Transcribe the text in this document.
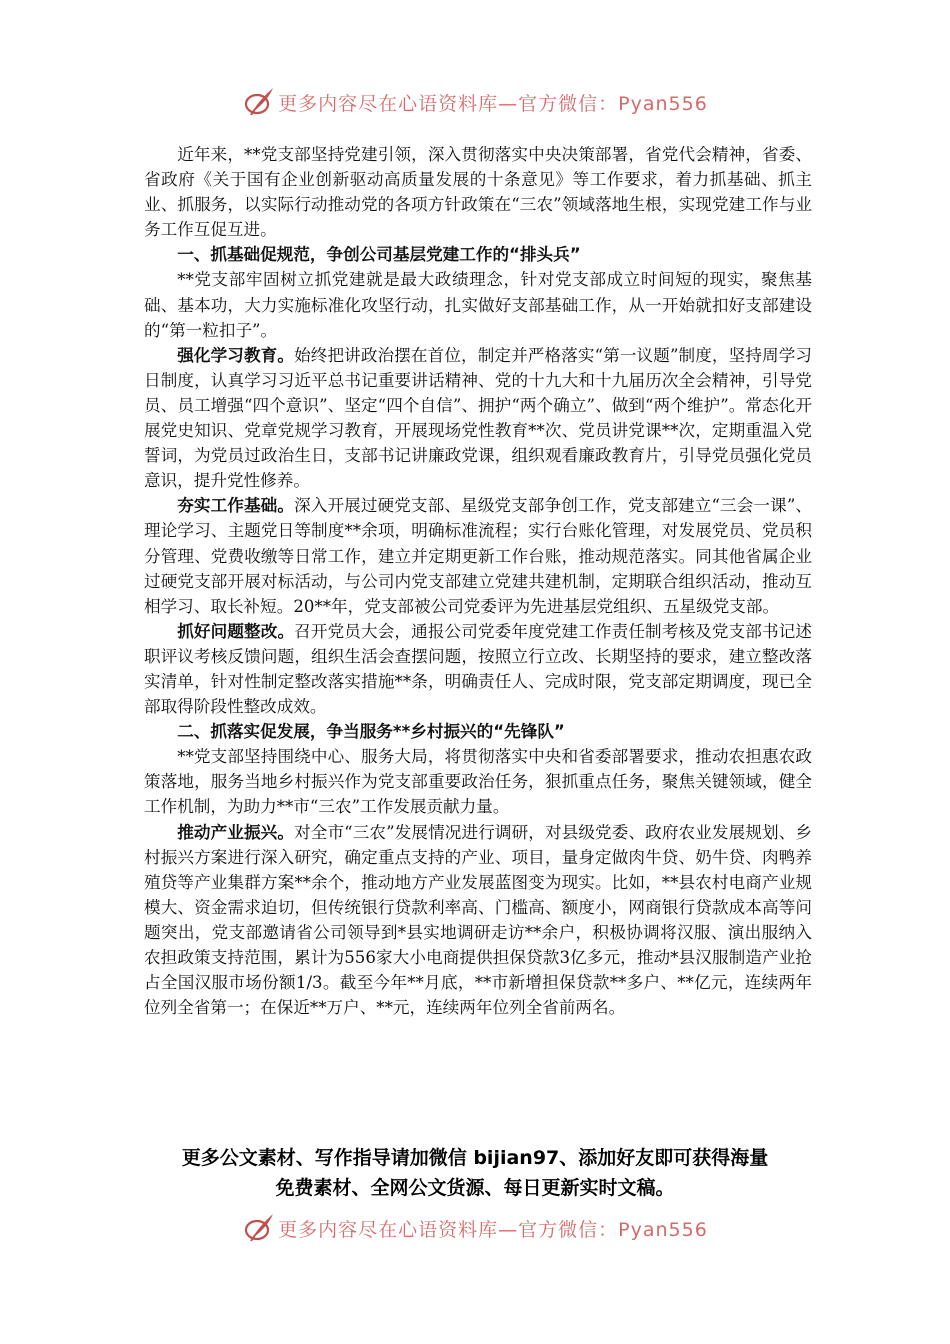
更多内容尽在心语资料库—官方微信：Pyan556

近年来，**党支部坚持党建引领，深入贯彻落实中央决策部署，省党代会精神，省委、省政府《关于国有企业创新驱动高质量发展的十条意见》等工作要求，着力抓基础、抓主业、抓服务，以实际行动推动党的各项方针政策在“三农”领域落地生根，实现党建工作与业务工作互促互进。

一、抓基础促规范，争创公司基层党建工作的“排头兵”

**党支部牢固树立抓党建就是最大政绩理念，针对党支部成立时间短的现实，聚焦基础、基本功，大力实施标准化攻坚行动，扎实做好支部基础工作，从一开始就扣好支部建设的“第一粒扣子”。

强化学习教育。始终把讲政治摆在首位，制定并严格落实“第一议题”制度，坚持周学习日制度，认真学习习近平总书记重要讲话精神、党的十九大和十九届历次全会精神，引导党员、员工增强“四个意识”、坚定“四个自信”、拥护“两个确立”、做到“两个维护”。常态化开展党史知识、党章党规学习教育，开展现场党性教育**次、党员讲党课**次，定期重温入党誓词，为党员过政治生日，支部书记讲廉政党课，组织观看廉政教育片，引导党员强化党员意识，提升党性修养。

夯实工作基础。深入开展过硬党支部、星级党支部争创工作，党支部建立“三会一课”、理论学习、主题党日等制度**余项，明确标准流程；实行台账化管理，对发展党员、党员积分管理、党费收缴等日常工作，建立并定期更新工作台账，推动规范落实。同其他省属企业过硬党支部开展对标活动，与公司内党支部建立党建共建机制，定期联合组织活动，推动互相学习、取长补短。20**年，党支部被公司党委评为先进基层党组织、五星级党支部。

抓好问题整改。召开党员大会，通报公司党委年度党建工作责任制考核及党支部书记述职评议考核反馈问题，组织生活会查摆问题，按照立行立改、长期坚持的要求，建立整改落实清单，针对性制定整改落实措施**条，明确责任人、完成时限，党支部定期调度，现已全部取得阶段性整改成效。

二、抓落实促发展，争当服务**乡村振兴的“先锋队”

**党支部坚持围绕中心、服务大局，将贯彻落实中央和省委部署要求，推动农担惠农政策落地，服务当地乡村振兴作为党支部重要政治任务，狠抓重点任务，聚焦关键领域，健全工作机制，为助力**市“三农”工作发展贡献力量。

推动产业振兴。对全市“三农”发展情况进行调研，对县级党委、政府农业发展规划、乡村振兴方案进行深入研究，确定重点支持的产业、项目，量身定做肉牛贷、奶牛贷、肉鸭养殖贷等产业集群方案**余个，推动地方产业发展蓝图变为现实。比如，**县农村电商产业规模大、资金需求迫切，但传统银行贷款利率高、门槛高、额度小，网商银行贷款成本高等问题突出，党支部邀请省公司领导到*县实地调研走访**余户，积极协调将汉服、演出服纳入农担政策支持范围，累计为556家大小电商提供担保贷款3亿多元，推动*县汉服制造产业抢占全国汉服市场份额1/3。截至今年**月底，**市新增担保贷款**多户、**亿元，连续两年位列全省第一；在保近**万户、**元，连续两年位列全省前两名。

更多公文素材、写作指导请加微信 bijian97、添加好友即可获得海量
免费素材、全网公文货源、每日更新实时文稿。
更多内容尽在心语资料库—官方微信：Pyan556
